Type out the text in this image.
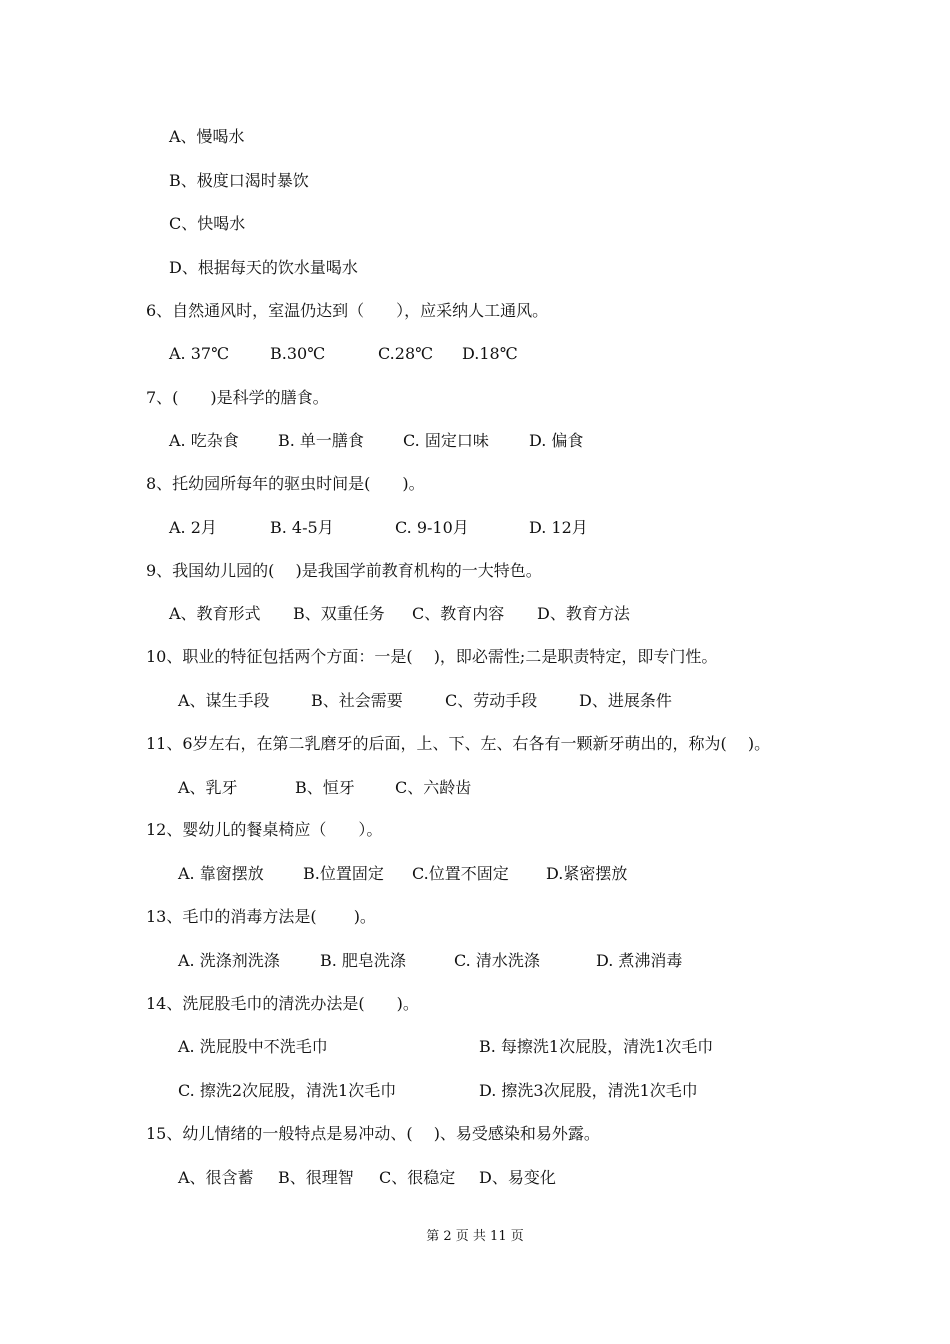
A、慢喝水
B、极度口渴时暴饮
C、快喝水
D、根据每天的饮水量喝水
6、自然通风时，室温仍达到（　　），应采纳人工通风。
A. 37℃	B.30℃	C.28℃ D.18℃
7、(　　)是科学的膳食。
A. 吃杂食 B. 单一膳食 C. 固定口味	D. 偏食
8、托幼园所每年的驱虫时间是(　　)。
A. 2月	B. 4-5月	C. 9-10月	D. 12月
9、我国幼儿园的(　 )是我国学前教育机构的一大特色。
A、教育形式 B、双重任务 C、教育内容 D、教育方法
10、职业的特征包括两个方面：一是(　 )，即必需性;二是职责特定，即专门性。
A、谋生手段	B、社会需要	C、劳动手段	D、进展条件
11、6岁左右，在第二乳磨牙的后面，上、下、左、右各有一颗新牙萌出的，称为(　 )。
A、乳牙	B、恒牙	C、六龄齿
12、婴幼儿的餐桌椅应（　　）。
A. 靠窗摆放 B.位置固定 C.位置不固定 D.紧密摆放
13、毛巾的消毒方法是(　　 )。
A. 洗涤剂洗涤	B. 肥皂洗涤	C. 清水洗涤	D. 煮沸消毒
14、洗屁股毛巾的清洗办法是(　　)。
A. 洗屁股中不洗毛巾	B. 每擦洗1次屁股，清洗1次毛巾
C. 擦洗2次屁股，清洗1次毛巾	D. 擦洗3次屁股，清洗1次毛巾
15、幼儿情绪的一般特点是易冲动、(　 )、易受感染和易外露。
A、很含蓄 B、很理智 C、很稳定 D、易变化
第 2 页 共 11 页
